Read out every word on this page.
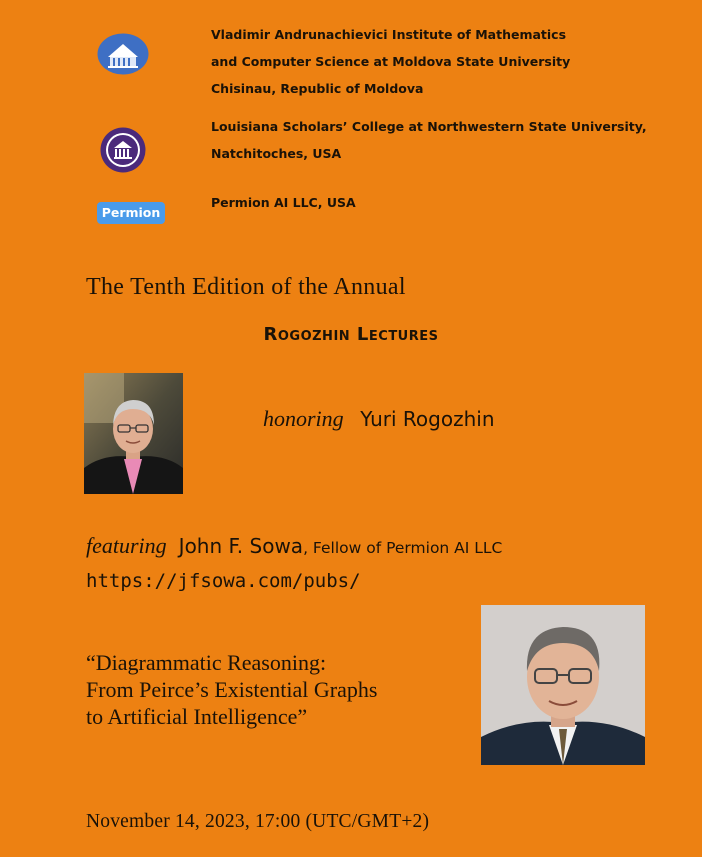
Vladimir Andrunachievici Institute of Mathematics
and Computer Science at Moldova State University
Chisinau, Republic of Moldova
Louisiana Scholars’ College at Northwestern State University,
Natchitoches, USA
Permion
Permion AI LLC, USA
The Tenth Edition of the Annual
Rogozhin Lectures
honoring Yuri Rogozhin
featuring John F. Sowa, Fellow of Permion AI LLC
https://jfsowa.com/pubs/
“Diagrammatic Reasoning:
From Peirce’s Existential Graphs
to Artificial Intelligence”
November 14, 2023, 17:00 (UTC/GMT+2)
